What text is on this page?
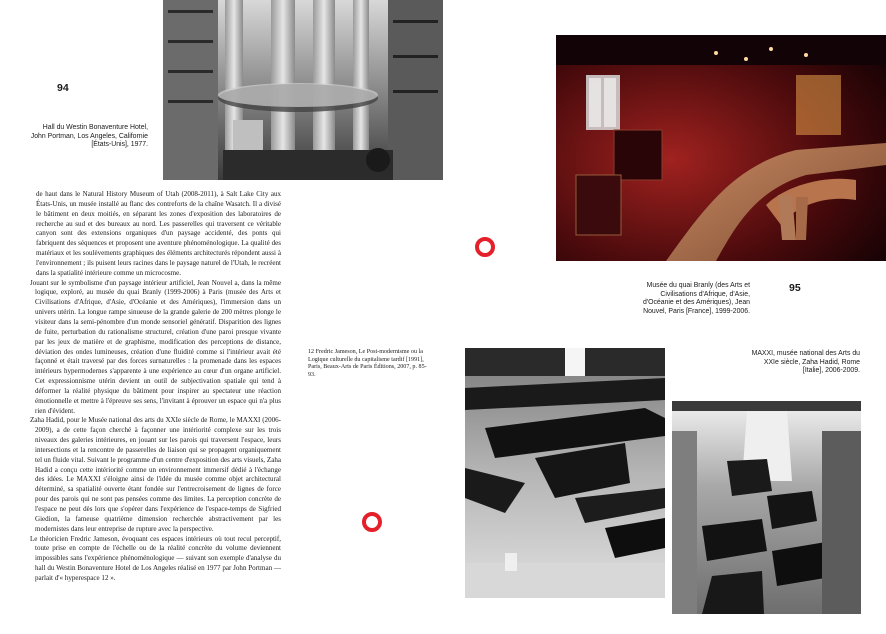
94
Hall du Westin Bonaventure Hotel, John Portman, Los Angeles, Californie [États-Unis], 1977.

de haut dans le Natural History Museum of Utah (2008-2011), à Salt Lake City aux États-Unis, un musée installé au flanc des contreforts de la chaîne Wasatch. Il a divisé le bâtiment en deux moitiés, en séparant les zones d'exposition des laboratoires de recherche au sud et des bureaux au nord. Les passerelles qui traversent ce véritable canyon sont des extensions organiques d'un paysage accidenté, des ponts qui fabriquent des séquences et proposent une aventure phénoménologique. La qualité des matériaux et les soulèvements graphiques des éléments architecturés répondent aussi à l'environnement ; ils puisent leurs racines dans le paysage naturel de l'Utah, le recréent dans la spatialité intérieure comme un microcosme.

Jouant sur le symbolisme d'un paysage intérieur artificiel, Jean Nouvel a, dans la même logique, exploré, au musée du quai Branly (1999-2006) à Paris (musée des Arts et Civilisations d'Afrique, d'Asie, d'Océanie et des Amériques), l'immersion dans un univers utérin. La longue rampe sinueuse de la grande galerie de 200 mètres plonge le visiteur dans la semi-pénombre d'un monde sensoriel génératif. Disparition des lignes de fuite, perturbation du rationalisme structurel, création d'une paroi presque vivante par les jeux de matière et de graphisme, modification des perceptions de distance, déviation des ondes lumineuses, création d'une fluidité comme si l'intérieur avait été façonné et était traversé par des forces surnaturelles : la promenade dans les espaces intérieurs hypermodernes s'apparente à une expérience au cœur d'un organe artificiel. Cet expressionnisme utérin devient un outil de subjectivation spatiale qui tend à déformer la réalité physique du bâtiment pour inspirer au spectateur une réaction émotionnelle et mettre à l'épreuve ses sens, l'invitant à éprouver un espace qui n'a plus rien d'évident.

Zaha Hadid, pour le Musée national des arts du XXIe siècle de Rome, le MAXXI (2006-2009), a de cette façon cherché à façonner une intériorité complexe sur les trois niveaux des galeries intérieures, en jouant sur les parois qui traversent l'espace, leurs intersections et la rencontre de passerelles de liaison qui se propagent organiquement tel un fluide vital. Suivant le programme d'un centre d'exposition des arts visuels, Zaha Hadid a conçu cette intériorité comme un environnement immersif dédié à l'échange des idées. Le MAXXI s'éloigne ainsi de l'idée du musée comme objet architectural déterminé, sa spatialité ouverte étant fondée sur l'entrecroisement de lignes de force pour des parois qui ne sont pas pensées comme des limites. La perception concrète de l'espace ne peut dès lors que s'opérer dans l'expérience de l'espace-temps de Sigfried Giedion, la fameuse quatrième dimension recherchée abstractivement par les modernistes dans leur entreprise de rupture avec la perspective.

Le théoricien Fredric Jameson, évoquant ces espaces intérieurs où tout recul perceptif, toute prise en compte de l'échelle ou de la réalité concrète du volume deviennent impossibles sans l'expérience phénoménologique — suivant son exemple d'analyse du hall du Westin Bonaventure Hotel de Los Angeles réalisé en 1977 par John Portman — parlait d'« hyperespace 12 ».

Musée du quai Branly (des Arts et Civilisations d'Afrique, d'Asie, d'Océanie et des Amériques), Jean Nouvel, Paris [France], 1999-2006.
95
12 Fredric Jameson, Le Post-modernisme ou la Logique culturelle du capitalisme tardif [1991], Paris, Beaux-Arts de Paris Éditions, 2007, p. 85-93.
MAXXI, musée national des Arts du XXIe siècle, Zaha Hadid, Rome [Italie], 2006-2009.
